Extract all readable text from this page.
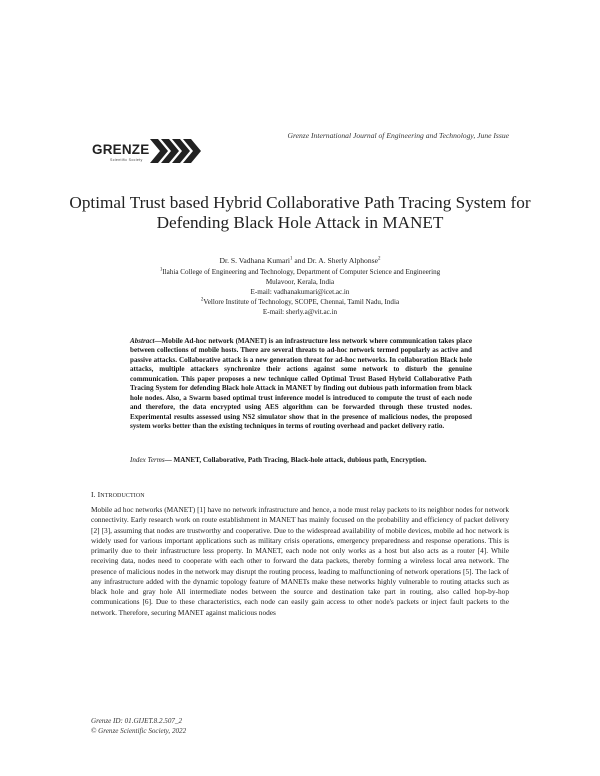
Grenze International Journal of Engineering and Technology, June Issue
GRENZE
Scientific Society
Optimal Trust based Hybrid Collaborative Path Tracing System for Defending Black Hole Attack in MANET
Dr. S. Vadhana Kumari$^1$ and Dr. A. Sherly Alphonse$^2$
$^1$Ilahia College of Engineering and Technology, Department of Computer Science and Engineering
Mulavoor, Kerala, India
E-mail: vadhanakumari@icet.ac.in
$^2$Vellore Institute of Technology, SCOPE, Chennai, Tamil Nadu, India
E-mail: sherly.a@vit.ac.in

Abstract—Mobile Ad-hoc network (MANET) is an infrastructure less network where communication takes place between collections of mobile hosts. There are several threats to ad-hoc network termed popularly as active and passive attacks. Collaborative attack is a new generation threat for ad-hoc networks. In collaboration Black hole attacks, multiple attackers synchronize their actions against some network to disturb the genuine communication. This paper proposes a new technique called Optimal Trust Based Hybrid Collaborative Path Tracing System for defending Black hole Attack in MANET by finding out dubious path information from black hole nodes. Also, a Swarm based optimal trust inference model is introduced to compute the trust of each node and therefore, the data encrypted using AES algorithm can be forwarded through these trusted nodes. Experimental results assessed using NS2 simulator show that in the presence of malicious nodes, the proposed system works better than the existing techniques in terms of routing overhead and packet delivery ratio.

Index Terms— MANET, Collaborative, Path Tracing, Black-hole attack, dubious path, Encryption.

I. INTRODUCTION

Mobile ad hoc networks (MANET) [1] have no network infrastructure and hence, a node must relay packets to its neighbor nodes for network connectivity. Early research work on route establishment in MANET has mainly focused on the probability and efficiency of packet delivery [2] [3], assuming that nodes are trustworthy and cooperative. Due to the widespread availability of mobile devices, mobile ad hoc network is widely used for various important applications such as military crisis operations, emergency preparedness and response operations. This is primarily due to their infrastructure less property. In MANET, each node not only works as a host but also acts as a router [4]. While receiving data, nodes need to cooperate with each other to forward the data packets, thereby forming a wireless local area network. The presence of malicious nodes in the network may disrupt the routing process, leading to malfunctioning of network operations [5]. The lack of any infrastructure added with the dynamic topology feature of MANETs make these networks highly vulnerable to routing attacks such as black hole and gray hole All intermediate nodes between the source and destination take part in routing, also called hop-by-hop communications [6]. Due to these characteristics, each node can easily gain access to other node's packets or inject fault packets to the network. Therefore, securing MANET against malicious nodes

Grenze ID: 01.GIJET.8.2.507_2
© Grenze Scientific Society, 2022
